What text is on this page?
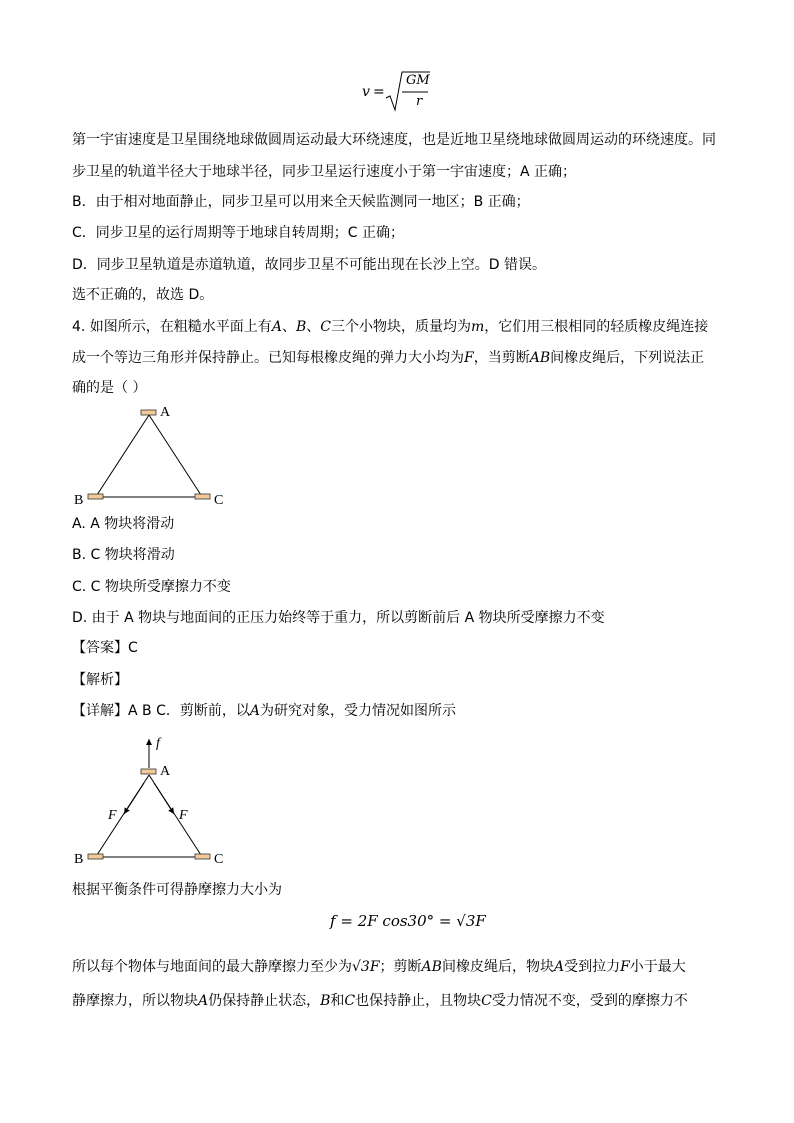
v =
GM
r
第一宇宙速度是卫星围绕地球做圆周运动最大环绕速度，也是近地卫星绕地球做圆周运动的环绕速度。同
步卫星的轨道半径大于地球半径，同步卫星运行速度小于第一宇宙速度；A 正确；
B．由于相对地面静止，同步卫星可以用来全天候监测同一地区；B 正确；
C．同步卫星的运行周期等于地球自转周期；C 正确；
D．同步卫星轨道是赤道轨道，故同步卫星不可能出现在长沙上空。D 错误。
选不正确的，故选 D。
4. 如图所示，在粗糙水平面上有A、B、C三个小物块，质量均为m，它们用三根相同的轻质橡皮绳连接
成一个等边三角形并保持静止。已知每根橡皮绳的弹力大小均为F，当剪断AB间橡皮绳后，下列说法正
确的是（ ）
A
B	C
A. A 物块将滑动
B. C 物块将滑动
C. C 物块所受摩擦力不变
D. 由于 A 物块与地面间的正压力始终等于重力，所以剪断前后 A 物块所受摩擦力不变
【答案】C
【解析】
【详解】A B C．剪断前，以A为研究对象，受力情况如图所示
f
A
F	F
B	C
根据平衡条件可得静摩擦力大小为
f = 2F cos30° = √3F
所以每个物体与地面间的最大静摩擦力至少为√3F；剪断AB间橡皮绳后，物块A受到拉力F小于最大
静摩擦力，所以物块A仍保持静止状态，B和C也保持静止，且物块C受力情况不变，受到的摩擦力不
